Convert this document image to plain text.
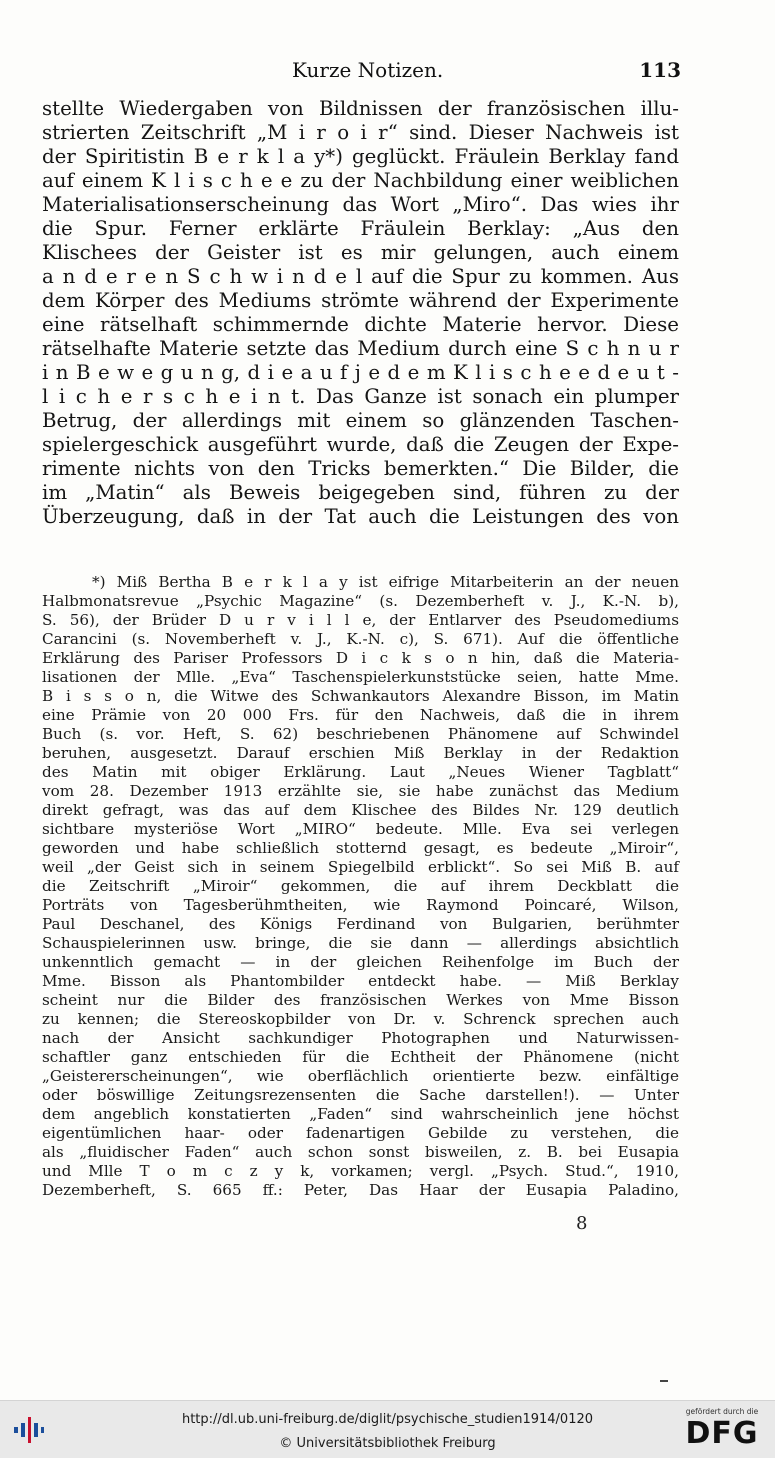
Kurze Notizen.	113
stellte Wiedergaben von Bildnissen der französischen illu-
strierten Zeitschrift „M i r o i r“ sind. Dieser Nachweis ist
der Spiritistin B e r k l a y*) geglückt. Fräulein Berklay fand
auf einem K l i s c h e e zu der Nachbildung einer weiblichen
Materialisationserscheinung das Wort „Miro“. Das wies ihr
die Spur. Ferner erklärte Fräulein Berklay: „Aus den
Klischees der Geister ist es mir gelungen, auch einem
a n d e r e n S c h w i n d e l auf die Spur zu kommen. Aus
dem Körper des Mediums strömte während der Experimente
eine rätselhaft schimmernde dichte Materie hervor. Diese
rätselhafte Materie setzte das Medium durch eine S c h n u r
i n B e w e g u n g, d i e a u f j e d e m K l i s c h e e d e u t -
l i c h e r s c h e i n t. Das Ganze ist sonach ein plumper
Betrug, der allerdings mit einem so glänzenden Taschen-
spielergeschick ausgeführt wurde, daß die Zeugen der Expe-
rimente nichts von den Tricks bemerkten.“ Die Bilder, die
im „Matin“ als Beweis beigegeben sind, führen zu der
Überzeugung, daß in der Tat auch die Leistungen des von
*) Miß Bertha B e r k l a y ist eifrige Mitarbeiterin an der neuen
Halbmonatsrevue „Psychic Magazine“ (s. Dezemberheft v. J., K.-N. b),
S. 56), der Brüder D u r v i l l e, der Entlarver des Pseudomediums
Carancini (s. Novemberheft v. J., K.-N. c), S. 671). Auf die öffentliche
Erklärung des Pariser Professors D i c k s o n hin, daß die Materia-
lisationen der Mlle. „Eva“ Taschenspielerkunststücke seien, hatte Mme.
B i s s o n, die Witwe des Schwankautors Alexandre Bisson, im Matin
eine Prämie von 20 000 Frs. für den Nachweis, daß die in ihrem
Buch (s. vor. Heft, S. 62) beschriebenen Phänomene auf Schwindel
beruhen, ausgesetzt. Darauf erschien Miß Berklay in der Redaktion
des Matin mit obiger Erklärung. Laut „Neues Wiener Tagblatt“
vom 28. Dezember 1913 erzählte sie, sie habe zunächst das Medium
direkt gefragt, was das auf dem Klischee des Bildes Nr. 129 deutlich
sichtbare mysteriöse Wort „MIRO“ bedeute. Mlle. Eva sei verlegen
geworden und habe schließlich stotternd gesagt, es bedeute „Miroir“,
weil „der Geist sich in seinem Spiegelbild erblickt“. So sei Miß B. auf
die Zeitschrift „Miroir“ gekommen, die auf ihrem Deckblatt die
Porträts von Tagesberühmtheiten, wie Raymond Poincaré, Wilson,
Paul Deschanel, des Königs Ferdinand von Bulgarien, berühmter
Schauspielerinnen usw. bringe, die sie dann — allerdings absichtlich
unkenntlich gemacht — in der gleichen Reihenfolge im Buch der
Mme. Bisson als Phantombilder entdeckt habe. — Miß Berklay
scheint nur die Bilder des französischen Werkes von Mme Bisson
zu kennen; die Stereoskopbilder von Dr. v. Schrenck sprechen auch
nach der Ansicht sachkundiger Photographen und Naturwissen-
schaftler ganz entschieden für die Echtheit der Phänomene (nicht
„Geistererscheinungen“, wie oberflächlich orientierte bezw. einfältige
oder böswillige Zeitungsrezensenten die Sache darstellen!). — Unter
dem angeblich konstatierten „Faden“ sind wahrscheinlich jene höchst
eigentümlichen haar- oder fadenartigen Gebilde zu verstehen, die
als „fluidischer Faden“ auch schon sonst bisweilen, z. B. bei Eusapia
und Mlle T o m c z y k, vorkamen; vergl. „Psych. Stud.“, 1910,
Dezemberheft, S. 665 ff.: Peter, Das Haar der Eusapia Paladino,
8
http://dl.ub.uni-freiburg.de/diglit/psychische_studien1914/0120
© Universitätsbibliothek Freiburg
gefördert durch die
DFG
